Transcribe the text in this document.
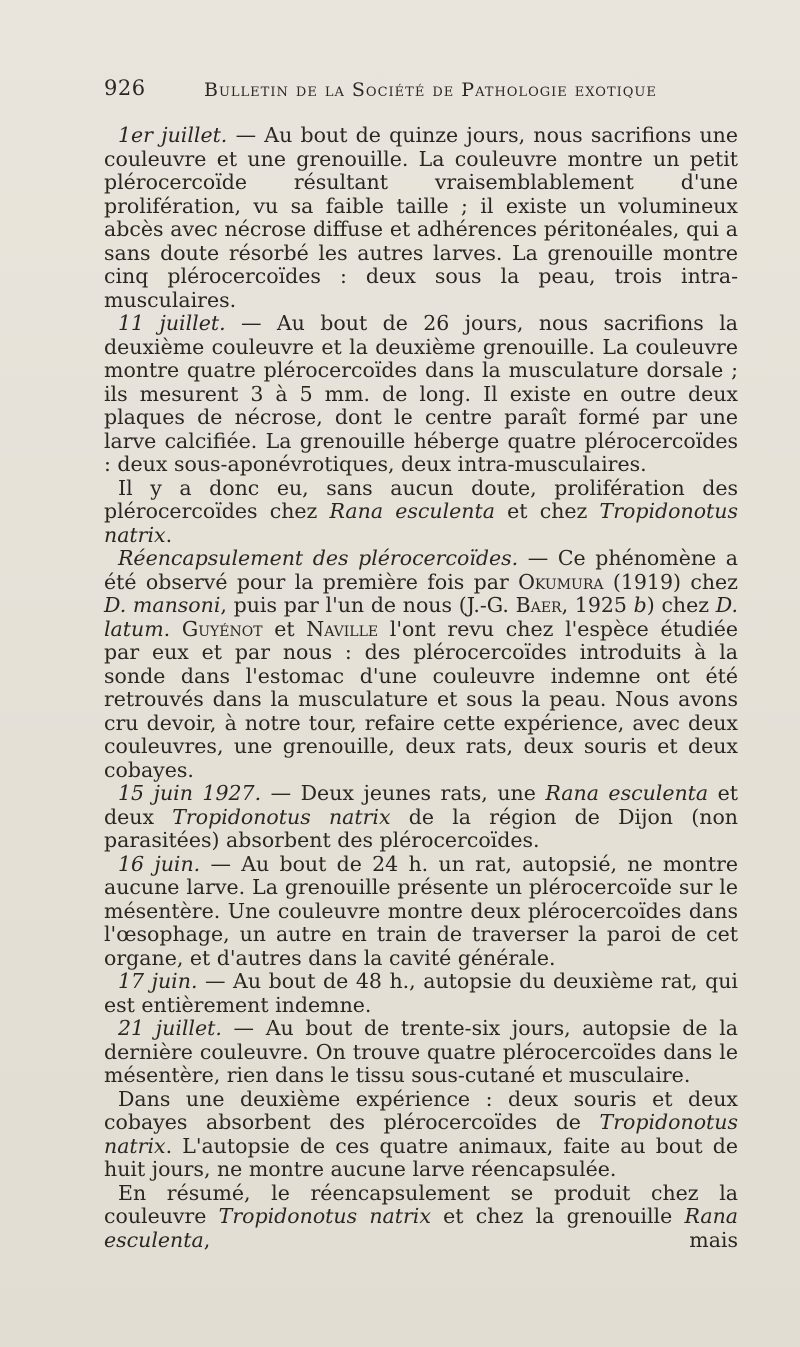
926	Bulletin de la Société de Pathologie exotique

1er juillet. — Au bout de quinze jours, nous sacrifions une couleuvre et une grenouille. La couleuvre montre un petit plérocercoïde résultant vraisemblablement d'une prolifération, vu sa faible taille ; il existe un volumineux abcès avec nécrose diffuse et adhérences péritonéales, qui a sans doute résorbé les autres larves. La grenouille montre cinq plérocercoïdes : deux sous la peau, trois intra-musculaires.

11 juillet. — Au bout de 26 jours, nous sacrifions la deuxième couleuvre et la deuxième grenouille. La couleuvre montre quatre plérocercoïdes dans la musculature dorsale ; ils mesurent 3 à 5 mm. de long. Il existe en outre deux plaques de nécrose, dont le centre paraît formé par une larve calcifiée. La grenouille héberge quatre plérocercoïdes : deux sous-aponévrotiques, deux intra-musculaires.

Il y a donc eu, sans aucun doute, prolifération des plérocercoïdes chez Rana esculenta et chez Tropidonotus natrix.

Réencapsulement des plérocercoïdes. — Ce phénomène a été observé pour la première fois par Okumura (1919) chez D. mansoni, puis par l'un de nous (J.-G. Baer, 1925 b) chez D. latum. Guyénot et Naville l'ont revu chez l'espèce étudiée par eux et par nous : des plérocercoïdes introduits à la sonde dans l'estomac d'une couleuvre indemne ont été retrouvés dans la musculature et sous la peau. Nous avons cru devoir, à notre tour, refaire cette expérience, avec deux couleuvres, une grenouille, deux rats, deux souris et deux cobayes.

15 juin 1927. — Deux jeunes rats, une Rana esculenta et deux Tropidonotus natrix de la région de Dijon (non parasitées) absorbent des plérocercoïdes.

16 juin. — Au bout de 24 h. un rat, autopsié, ne montre aucune larve. La grenouille présente un plérocercoïde sur le mésentère. Une couleuvre montre deux plérocercoïdes dans l'œsophage, un autre en train de traverser la paroi de cet organe, et d'autres dans la cavité générale.

17 juin. — Au bout de 48 h., autopsie du deuxième rat, qui est entièrement indemne.

21 juillet. — Au bout de trente-six jours, autopsie de la dernière couleuvre. On trouve quatre plérocercoïdes dans le mésentère, rien dans le tissu sous-cutané et musculaire.

Dans une deuxième expérience : deux souris et deux cobayes absorbent des plérocercoïdes de Tropidonotus natrix. L'autopsie de ces quatre animaux, faite au bout de huit jours, ne montre aucune larve réencapsulée.

En résumé, le réencapsulement se produit chez la couleuvre Tropidonotus natrix et chez la grenouille Rana esculenta, mais
